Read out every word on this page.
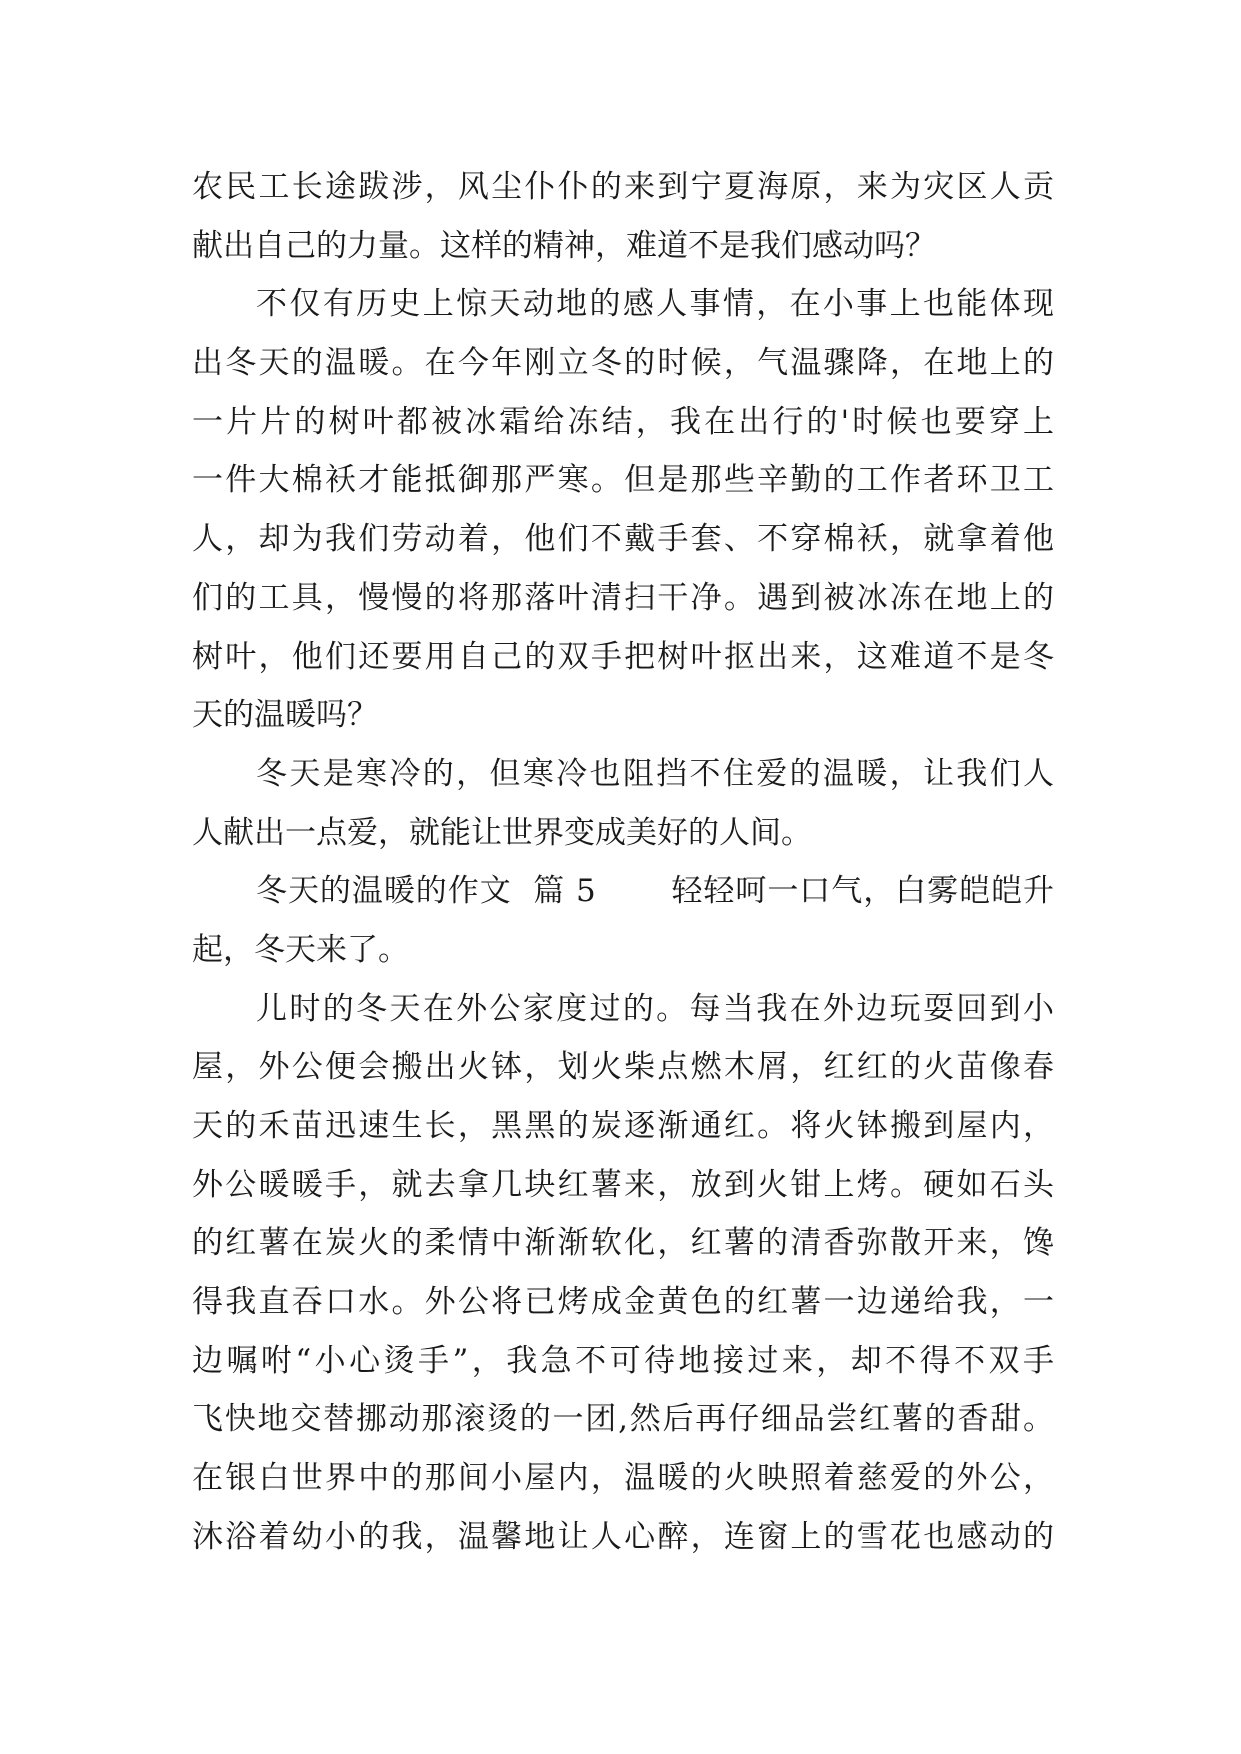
农民工长途跋涉，风尘仆仆的来到宁夏海原，来为灾区人贡
献出自己的力量。这样的精神，难道不是我们感动吗？
不仅有历史上惊天动地的感人事情，在小事上也能体现
出冬天的温暖。在今年刚立冬的时候，气温骤降，在地上的
一片片的树叶都被冰霜给冻结，我在出行的'时候也要穿上
一件大棉袄才能抵御那严寒。但是那些辛勤的工作者环卫工
人，却为我们劳动着，他们不戴手套、不穿棉袄，就拿着他
们的工具，慢慢的将那落叶清扫干净。遇到被冰冻在地上的
树叶，他们还要用自己的双手把树叶抠出来，这难道不是冬
天的温暖吗？
冬天是寒冷的，但寒冷也阻挡不住爱的温暖，让我们人
人献出一点爱，就能让世界变成美好的人间。
冬天的温暖的作文  篇 5       轻轻呵一口气，白雾皑皑升
起，冬天来了。
儿时的冬天在外公家度过的。每当我在外边玩耍回到小
屋，外公便会搬出火钵，划火柴点燃木屑，红红的火苗像春
天的禾苗迅速生长，黑黑的炭逐渐通红。将火钵搬到屋内，
外公暖暖手，就去拿几块红薯来，放到火钳上烤。硬如石头
的红薯在炭火的柔情中渐渐软化，红薯的清香弥散开来，馋
得我直吞口水。外公将已烤成金黄色的红薯一边递给我，一
边嘱咐“小心烫手”，我急不可待地接过来，却不得不双手
飞快地交替挪动那滚烫的一团,然后再仔细品尝红薯的香甜。
在银白世界中的那间小屋内，温暖的火映照着慈爱的外公，
沐浴着幼小的我，温馨地让人心醉，连窗上的雪花也感动的
